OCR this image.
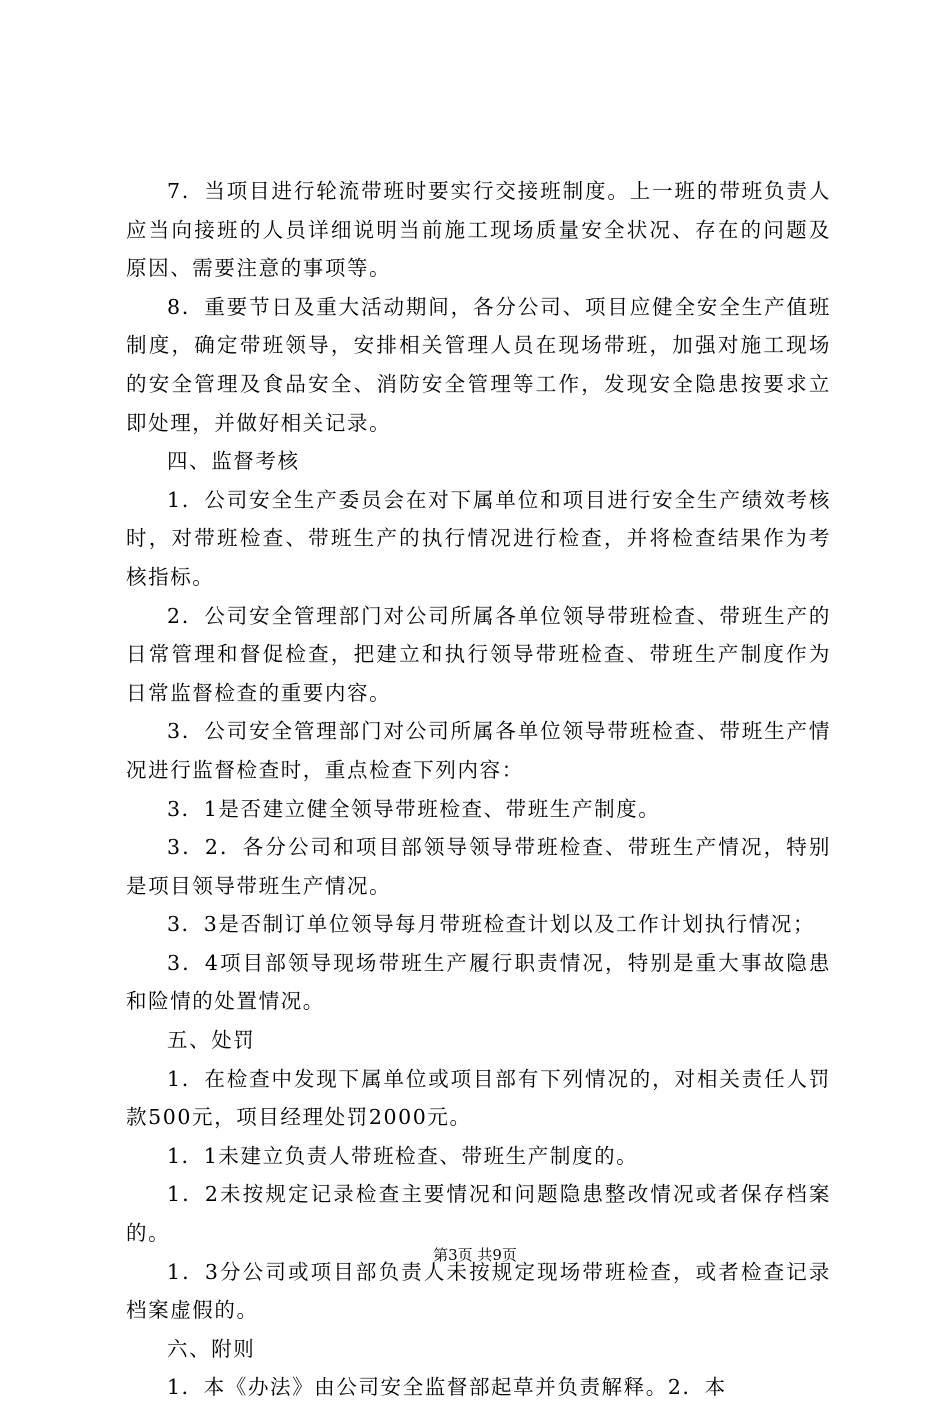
7．当项目进行轮流带班时要实行交接班制度。上一班的带班负责人应当向接班的人员详细说明当前施工现场质量安全状况、存在的问题及原因、需要注意的事项等。

8．重要节日及重大活动期间，各分公司、项目应健全安全生产值班制度，确定带班领导，安排相关管理人员在现场带班，加强对施工现场的安全管理及食品安全、消防安全管理等工作，发现安全隐患按要求立即处理，并做好相关记录。

四、监督考核

1．公司安全生产委员会在对下属单位和项目进行安全生产绩效考核时，对带班检查、带班生产的执行情况进行检查，并将检查结果作为考核指标。

2．公司安全管理部门对公司所属各单位领导带班检查、带班生产的日常管理和督促检查，把建立和执行领导带班检查、带班生产制度作为日常监督检查的重要内容。

3．公司安全管理部门对公司所属各单位领导带班检查、带班生产情况进行监督检查时，重点检查下列内容：

3．1是否建立健全领导带班检查、带班生产制度。

3．2．各分公司和项目部领导领导带班检查、带班生产情况，特别是项目领导带班生产情况。

3．3是否制订单位领导每月带班检查计划以及工作计划执行情况；

3．4项目部领导现场带班生产履行职责情况，特别是重大事故隐患和险情的处置情况。

五、处罚

1．在检查中发现下属单位或项目部有下列情况的，对相关责任人罚款500元，项目经理处罚2000元。

1．1未建立负责人带班检查、带班生产制度的。

1．2未按规定记录检查主要情况和问题隐患整改情况或者保存档案的。

1．3分公司或项目部负责人未按规定现场带班检查，或者检查记录档案虚假的。

六、附则

1．本《办法》由公司安全监督部起草并负责解释。2．本

第3页 共9页
